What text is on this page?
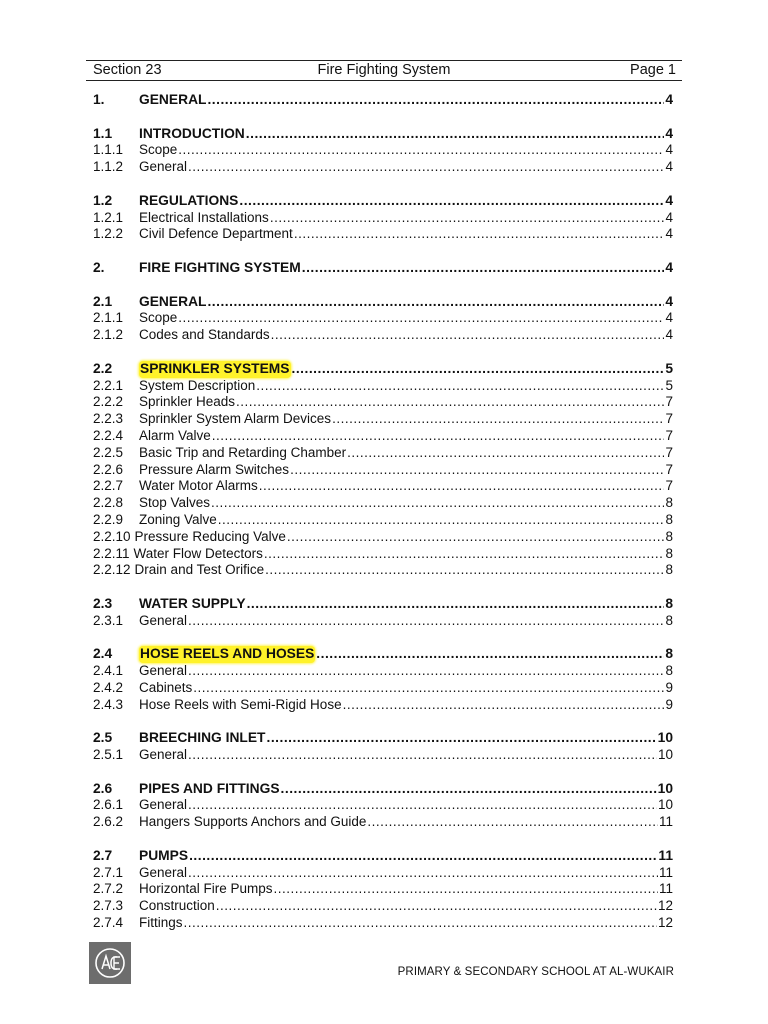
Section 23	Fire Fighting System	Page 1
1.	GENERAL .....	4
1.1	INTRODUCTION .....	4
1.1.1	Scope .....	4
1.1.2	General .....	4
1.2	REGULATIONS .....	4
1.2.1	Electrical Installations .....	4
1.2.2	Civil Defence Department .....	4
2.	FIRE FIGHTING SYSTEM .....	4
2.1	GENERAL .....	4
2.1.1	Scope .....	4
2.1.2	Codes and Standards .....	4
2.2	SPRINKLER SYSTEMS .....	5
2.2.1	System Description .....	5
2.2.2	Sprinkler Heads .....	7
2.2.3	Sprinkler System Alarm Devices .....	7
2.2.4	Alarm Valve .....	7
2.2.5	Basic Trip and Retarding Chamber .....	7
2.2.6	Pressure Alarm Switches .....	7
2.2.7	Water Motor Alarms .....	7
2.2.8	Stop Valves .....	8
2.2.9	Zoning Valve .....	8
2.2.10 Pressure Reducing Valve .....	8
2.2.11 Water Flow Detectors .....	8
2.2.12 Drain and Test Orifice .....	8
2.3	WATER SUPPLY .....	8
2.3.1	General .....	8
2.4	HOSE REELS AND HOSES .....	8
2.4.1	General .....	8
2.4.2	Cabinets .....	9
2.4.3	Hose Reels with Semi-Rigid Hose .....	9
2.5	BREECHING INLET .....	10
2.5.1	General .....	10
2.6	PIPES AND FITTINGS .....	10
2.6.1	General .....	10
2.6.2	Hangers Supports Anchors and Guide .....	11
2.7	PUMPS .....	11
2.7.1	General .....	11
2.7.2	Horizontal Fire Pumps .....	11
2.7.3	Construction .....	12
2.7.4	Fittings .....	12
PRIMARY & SECONDARY SCHOOL AT AL-WUKAIR
